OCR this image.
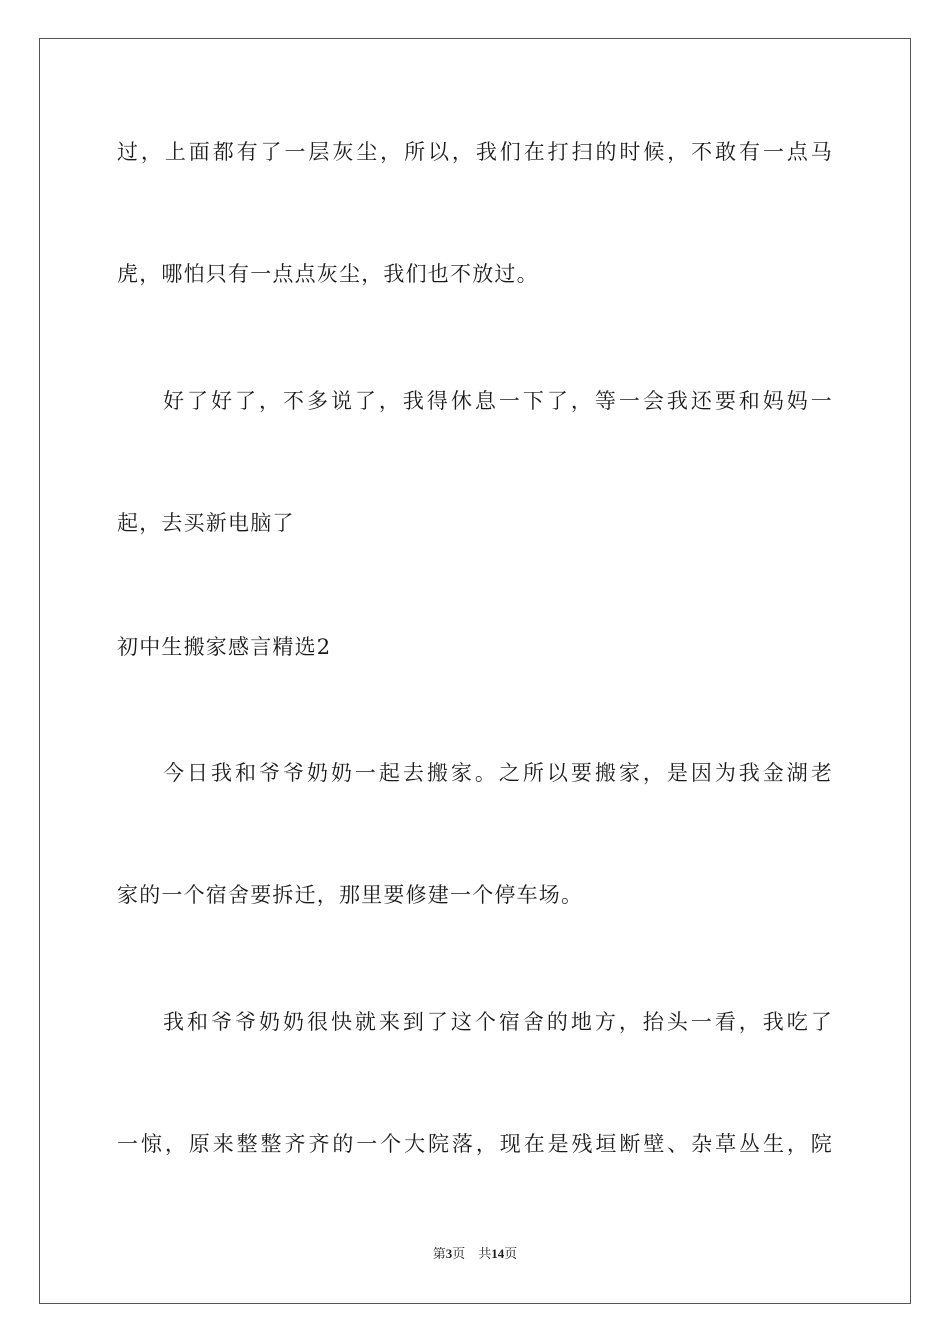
过，上面都有了一层灰尘，所以，我们在打扫的时候，不敢有一点马
虎，哪怕只有一点点灰尘，我们也不放过。
好了好了，不多说了，我得休息一下了，等一会我还要和妈妈一
起，去买新电脑了
初中生搬家感言精选2
今日我和爷爷奶奶一起去搬家。之所以要搬家，是因为我金湖老
家的一个宿舍要拆迁，那里要修建一个停车场。
我和爷爷奶奶很快就来到了这个宿舍的地方，抬头一看，我吃了
一惊，原来整整齐齐的一个大院落，现在是残垣断壁、杂草丛生，院
第3页　共14页
